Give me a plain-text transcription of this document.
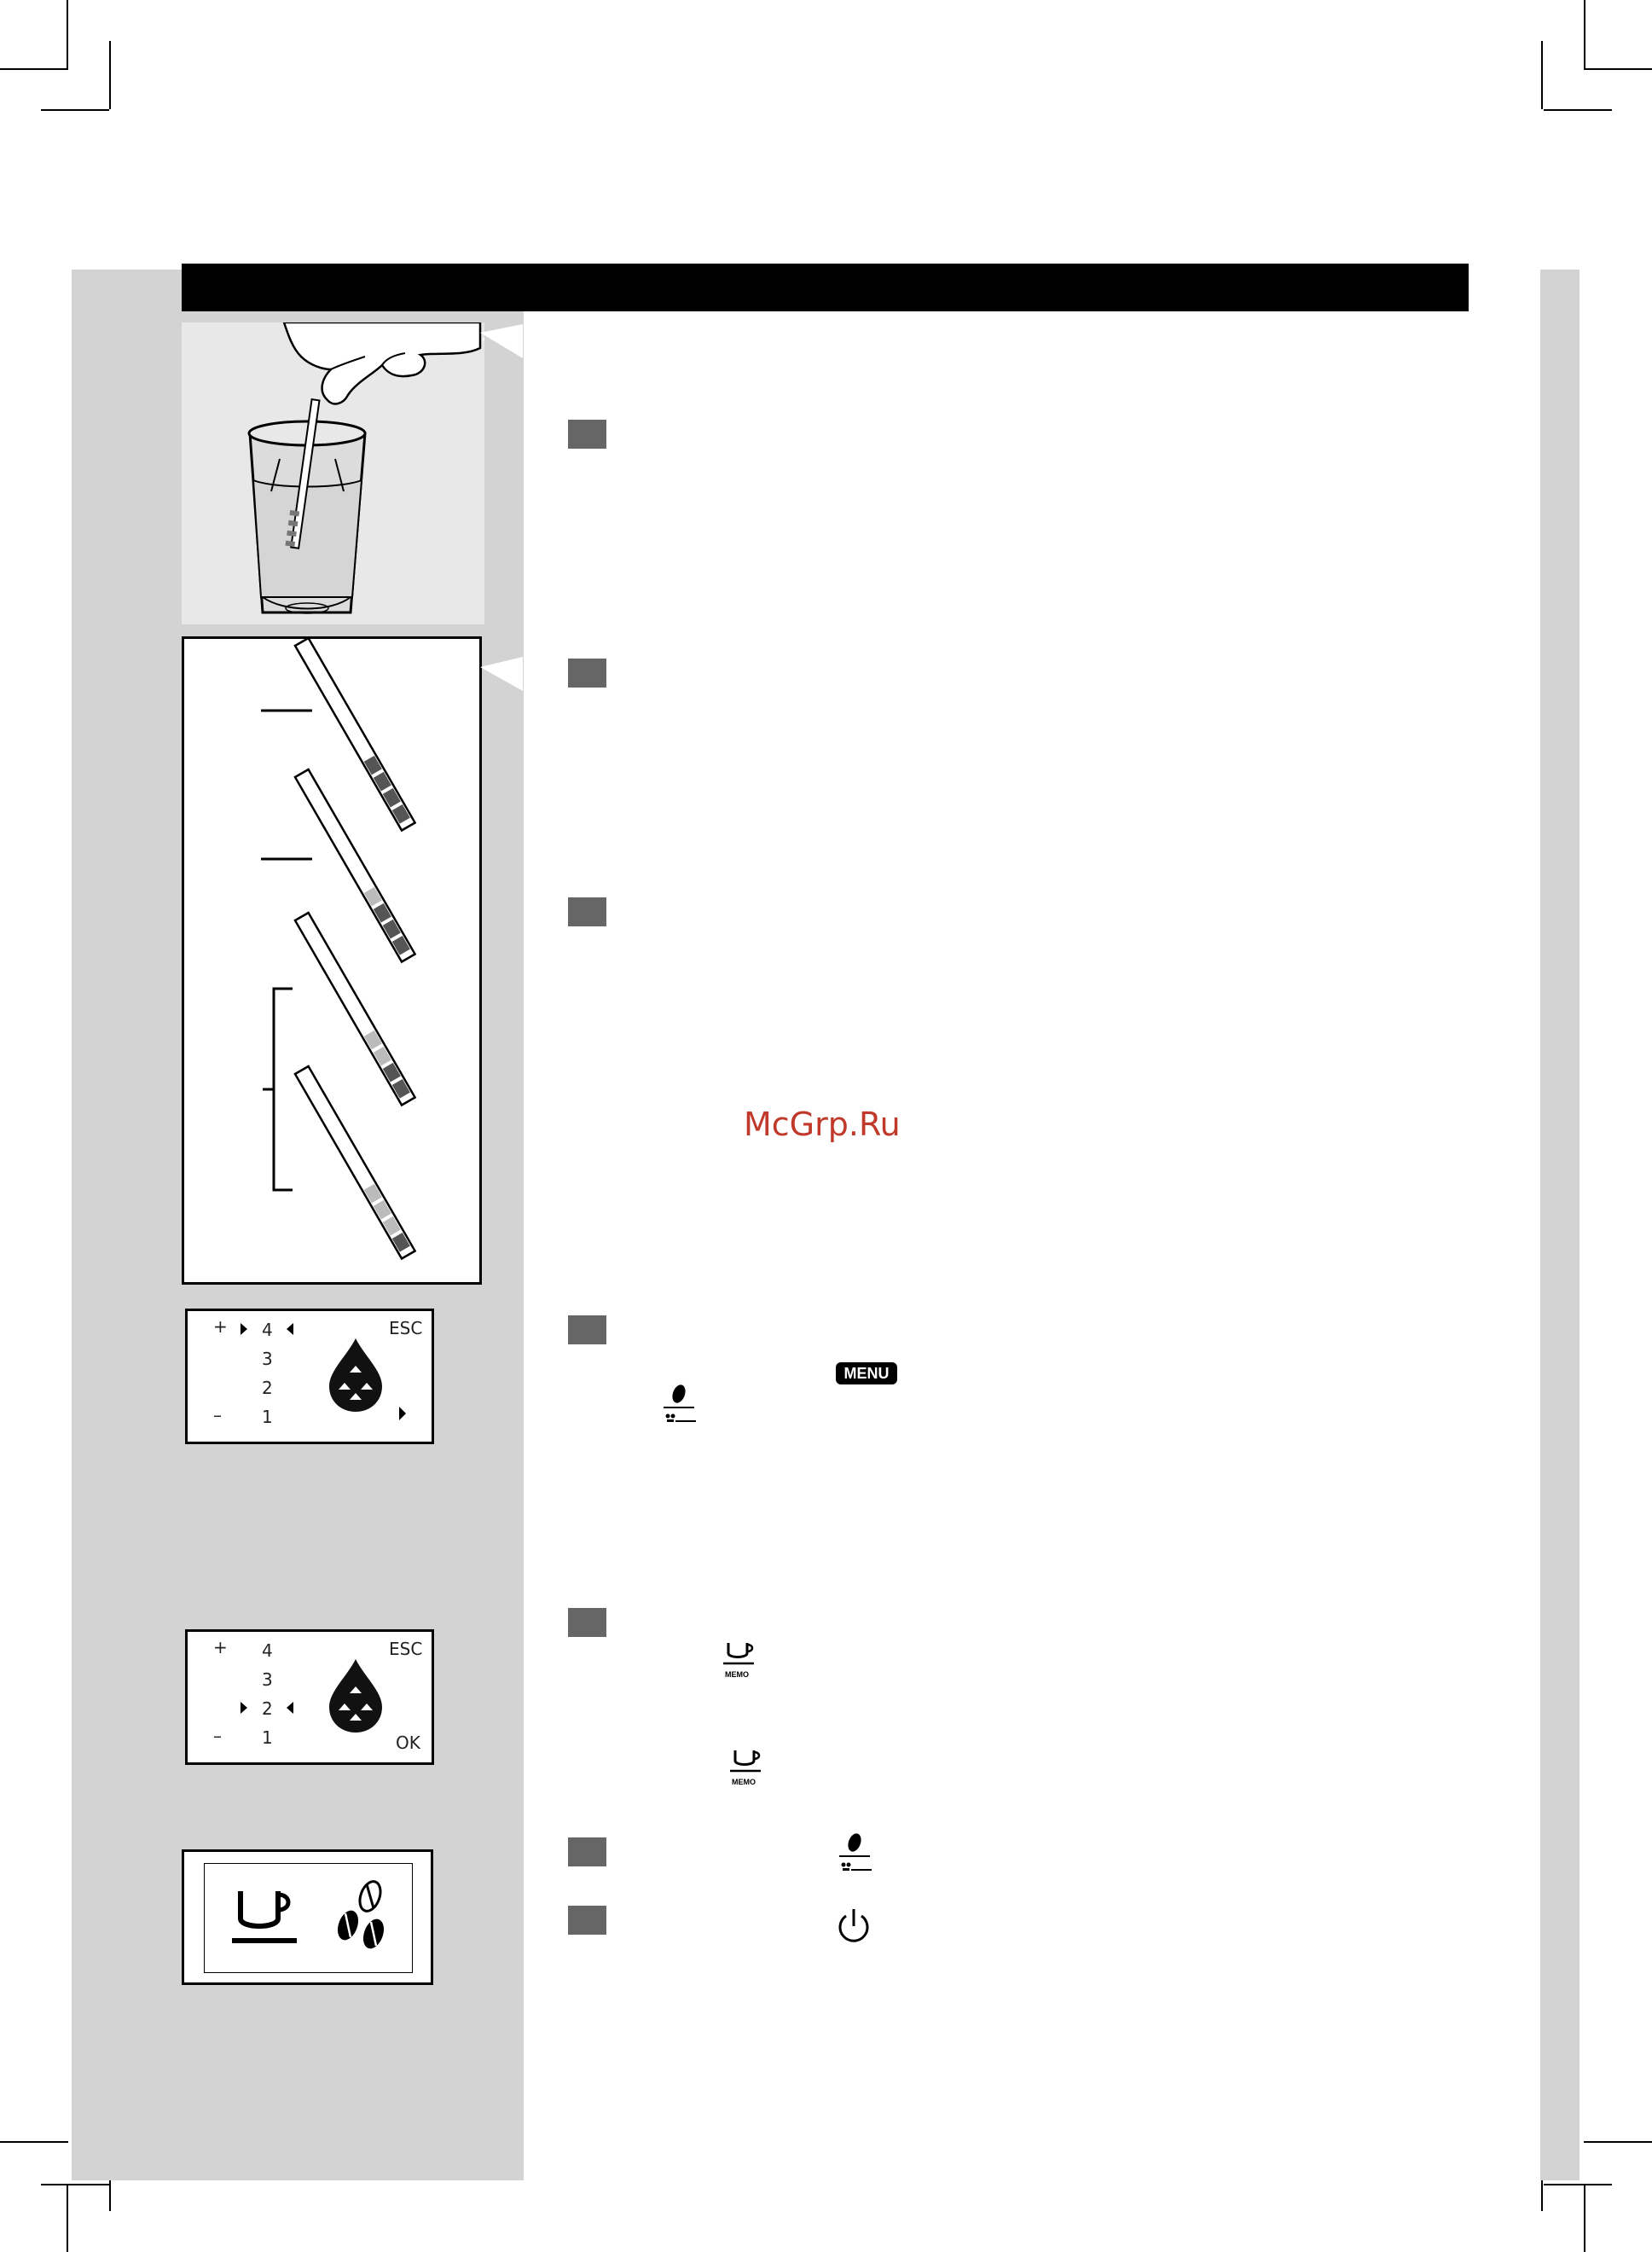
McGrp.Ru
+ 4
3
2
1
–
ESC
MENU
+ 4
3
2
1
–
ESC
OK
MEMO
MEMO
